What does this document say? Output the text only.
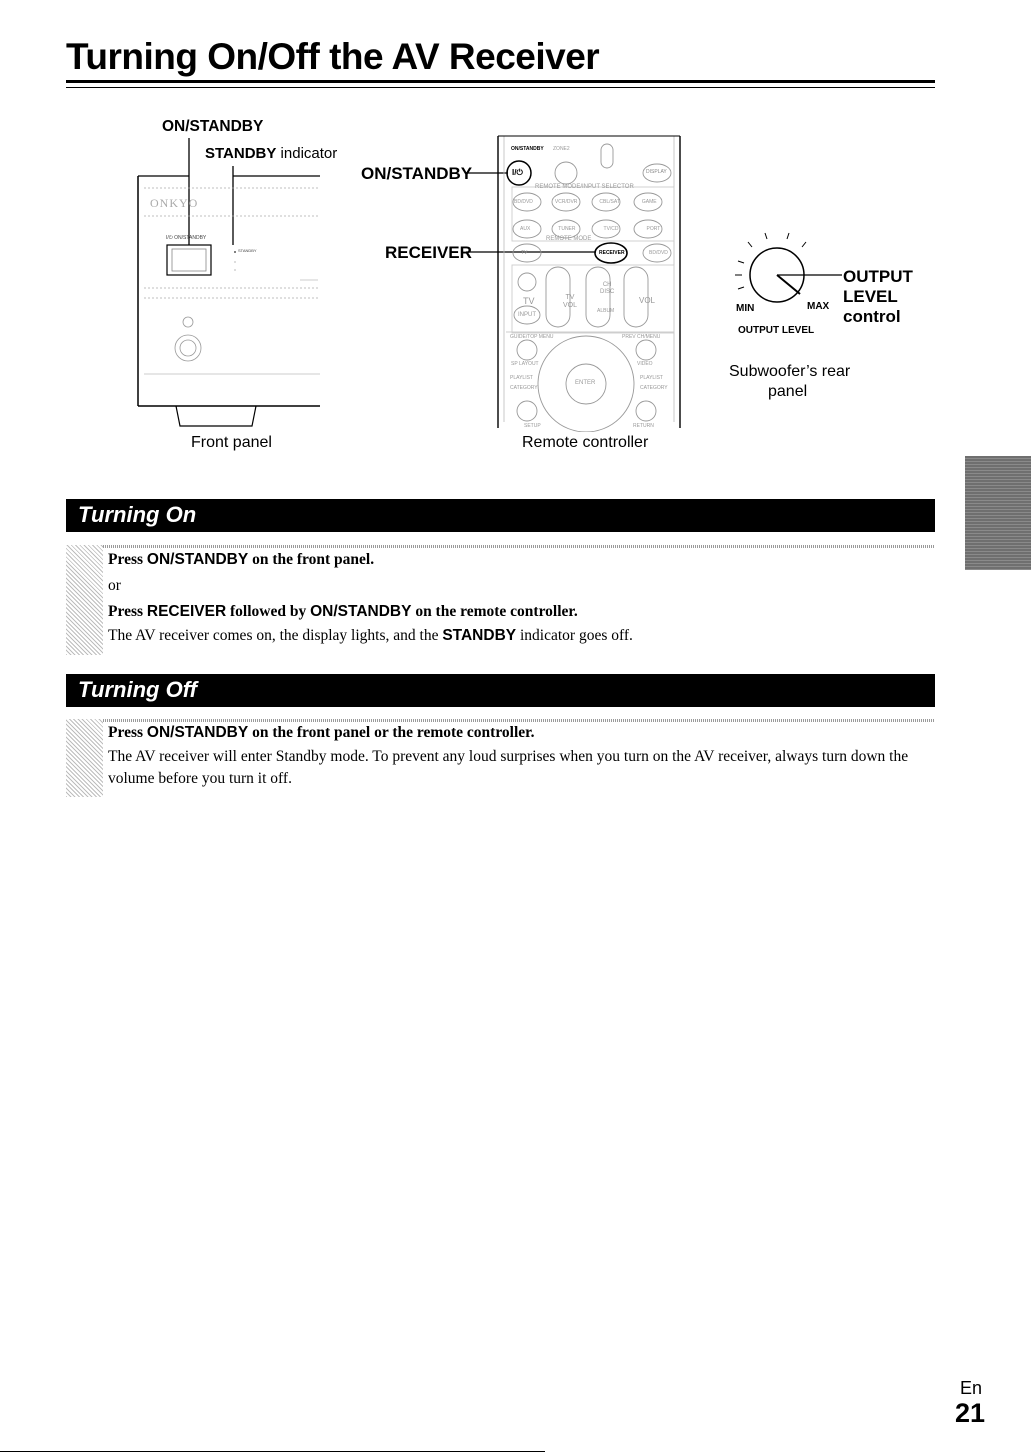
Turning On/Off the AV Receiver
ON/STANDBY
STANDBY indicator
ONKYO
I/⏻ ON/STANDBY
STANDBY
Front panel
ON/STANDBY
RECEIVER
ON/STANDBY ZONE2
DISPLAY
I/⏻
REMOTE MODE/INPUT SELECTOR
BD/DVD	VCR/DVR	CBL/SAT	GAME
AUX	TUNER	TV/CD	PORT
REMOTE MODE
TV	RECEIVER	BD/DVD
TV	TV
VOL
CH
DISC
VOL
INPUT
ALBUM
GUIDE/TOP MENU	PREV CH/MENU
SP LAYOUT	VIDEO
PLAYLIST	PLAYLIST
CATEGORY	CATEGORY
ENTER
SETUP	RETURN
Remote controller
OUTPUT
LEVEL
control
MIN	MAX
OUTPUT LEVEL
Subwoofer’s rear
panel
Turning On
Press ON/STANDBY on the front panel.
or
Press RECEIVER followed by ON/STANDBY on the remote controller.
The AV receiver comes on, the display lights, and the STANDBY indicator goes off.
Turning Off
Press ON/STANDBY on the front panel or the remote controller.
The AV receiver will enter Standby mode. To prevent any loud surprises when you turn on the AV receiver, always turn down the volume before you turn it off.
En
21
